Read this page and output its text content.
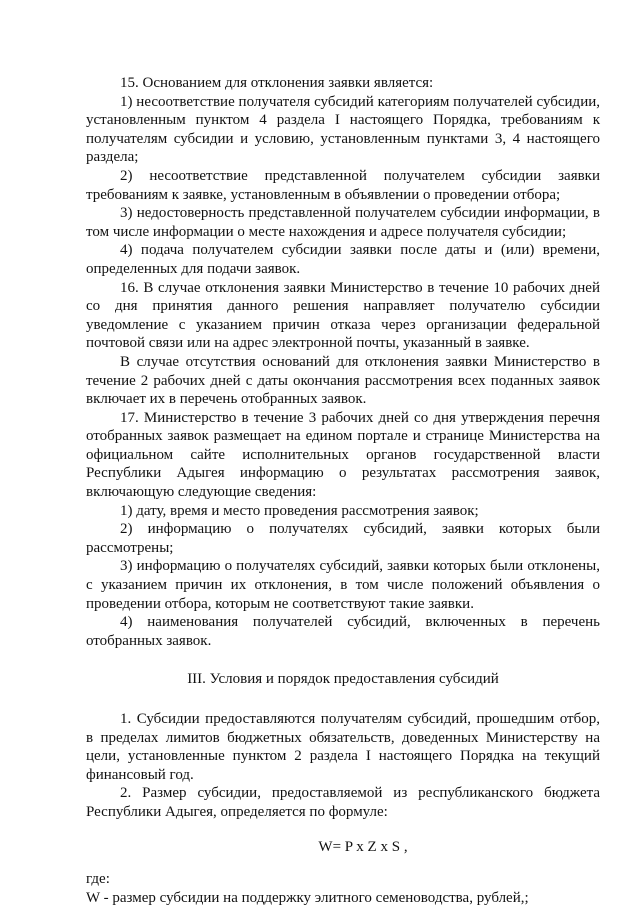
15. Основанием для отклонения заявки является:

1) несоответствие получателя субсидий категориям получателей субсидии, установленным пунктом 4 раздела I настоящего Порядка, требованиям к получателям субсидии и условию, установленным пунктами 3, 4 настоящего раздела;

2) несоответствие представленной получателем субсидии заявки требованиям к заявке, установленным в объявлении о проведении отбора;

3) недостоверность представленной получателем субсидии информации, в том числе информации о месте нахождения и адресе получателя субсидии;

4) подача получателем субсидии заявки после даты и (или) времени, определенных для подачи заявок.

16. В случае отклонения заявки Министерство в течение 10 рабочих дней со дня принятия данного решения направляет получателю субсидии уведомление с указанием причин отказа через организации федеральной почтовой связи или на адрес электронной почты, указанный в заявке.

В случае отсутствия оснований для отклонения заявки Министерство в течение 2 рабочих дней с даты окончания рассмотрения всех поданных заявок включает их в перечень отобранных заявок.

17. Министерство в течение 3 рабочих дней со дня утверждения перечня отобранных заявок размещает на едином портале и странице Министерства на официальном сайте исполнительных органов государственной власти Республики Адыгея информацию о результатах рассмотрения заявок, включающую следующие сведения:

1) дату, время и место проведения рассмотрения заявок;

2) информацию о получателях субсидий, заявки которых были рассмотрены;

3) информацию о получателях субсидий, заявки которых были отклонены, с указанием причин их отклонения, в том числе положений объявления о проведении отбора, которым не соответствуют такие заявки.

4) наименования получателей субсидий, включенных в перечень отобранных заявок.

III. Условия и порядок предоставления субсидий

1. Субсидии предоставляются получателям субсидий, прошедшим отбор, в пределах лимитов бюджетных обязательств, доведенных Министерству на цели, установленные пунктом 2 раздела I настоящего Порядка на текущий финансовый год.

2. Размер субсидии, предоставляемой из республиканского бюджета Республики Адыгея, определяется по формуле:

W= P x Z x S ,

где:

W - размер субсидии на поддержку элитного семеноводства, рублей,;
